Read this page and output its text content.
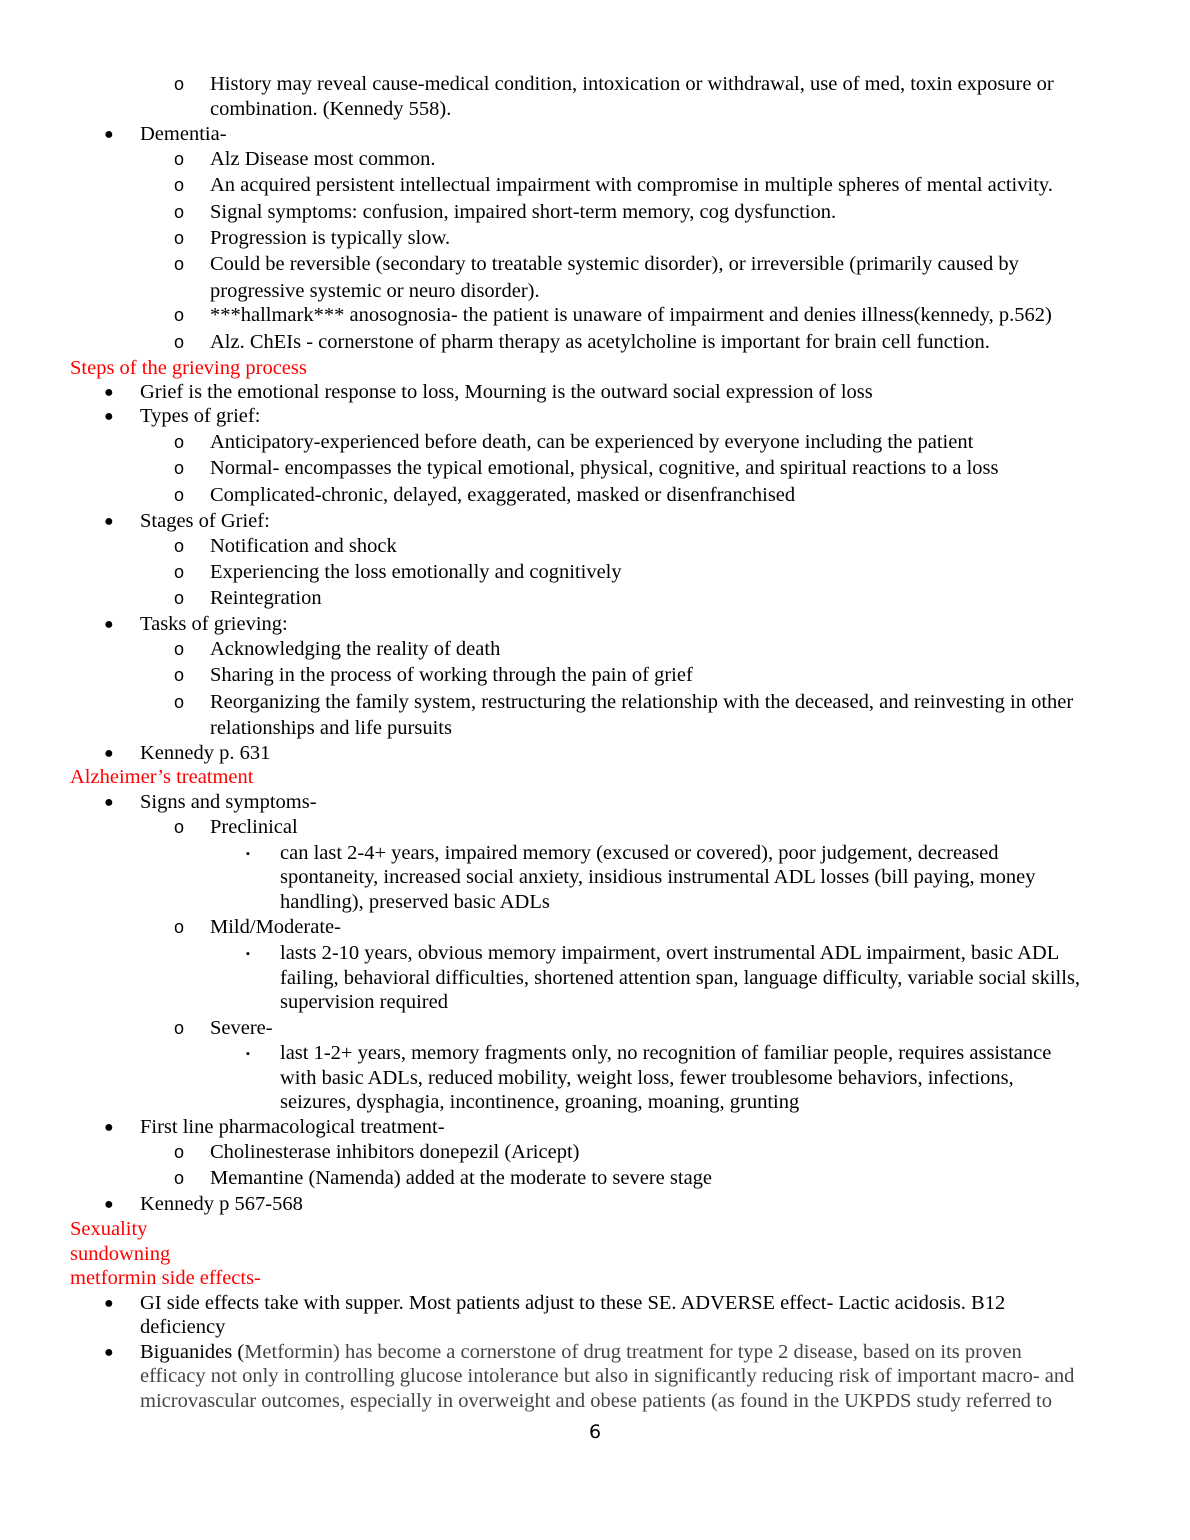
o History may reveal cause-medical condition, intoxication or withdrawal, use of med, toxin exposure or
combination. (Kennedy 558).
● Dementia-
o Alz Disease most common.
o An acquired persistent intellectual impairment with compromise in multiple spheres of mental activity.
o Signal symptoms: confusion, impaired short-term memory, cog dysfunction.
o Progression is typically slow.
o Could be reversible (secondary to treatable systemic disorder), or irreversible (primarily caused by
progressive systemic or neuro disorder).
o ***hallmark*** anosognosia- the patient is unaware of impairment and denies illness(kennedy, p.562)
o Alz. ChEIs - cornerstone of pharm therapy as acetylcholine is important for brain cell function.
Steps of the grieving process
● Grief is the emotional response to loss, Mourning is the outward social expression of loss
● Types of grief:
o Anticipatory-experienced before death, can be experienced by everyone including the patient
o Normal- encompasses the typical emotional, physical, cognitive, and spiritual reactions to a loss
o Complicated-chronic, delayed, exaggerated, masked or disenfranchised
● Stages of Grief:
o Notification and shock
o Experiencing the loss emotionally and cognitively
o Reintegration
● Tasks of grieving:
o Acknowledging the reality of death
o Sharing in the process of working through the pain of grief
o Reorganizing the family system, restructuring the relationship with the deceased, and reinvesting in other
relationships and life pursuits
● Kennedy p. 631
Alzheimer’s treatment
● Signs and symptoms-
o Preclinical
▪ can last 2-4+ years, impaired memory (excused or covered), poor judgement, decreased
spontaneity, increased social anxiety, insidious instrumental ADL losses (bill paying, money
handling), preserved basic ADLs
o Mild/Moderate-
▪ lasts 2-10 years, obvious memory impairment, overt instrumental ADL impairment, basic ADL
failing, behavioral difficulties, shortened attention span, language difficulty, variable social skills,
supervision required
o Severe-
▪ last 1-2+ years, memory fragments only, no recognition of familiar people, requires assistance
with basic ADLs, reduced mobility, weight loss, fewer troublesome behaviors, infections,
seizures, dysphagia, incontinence, groaning, moaning, grunting
● First line pharmacological treatment-
o Cholinesterase inhibitors donepezil (Aricept)
o Memantine (Namenda) added at the moderate to severe stage
● Kennedy p 567-568
Sexuality
sundowning
metformin side effects-
● GI side effects take with supper. Most patients adjust to these SE. ADVERSE effect- Lactic acidosis. B12
deficiency
● Biguanides (Metformin) has become a cornerstone of drug treatment for type 2 disease, based on its proven
efficacy not only in controlling glucose intolerance but also in significantly reducing risk of important macro- and
microvascular outcomes, especially in overweight and obese patients (as found in the UKPDS study referred to
6
